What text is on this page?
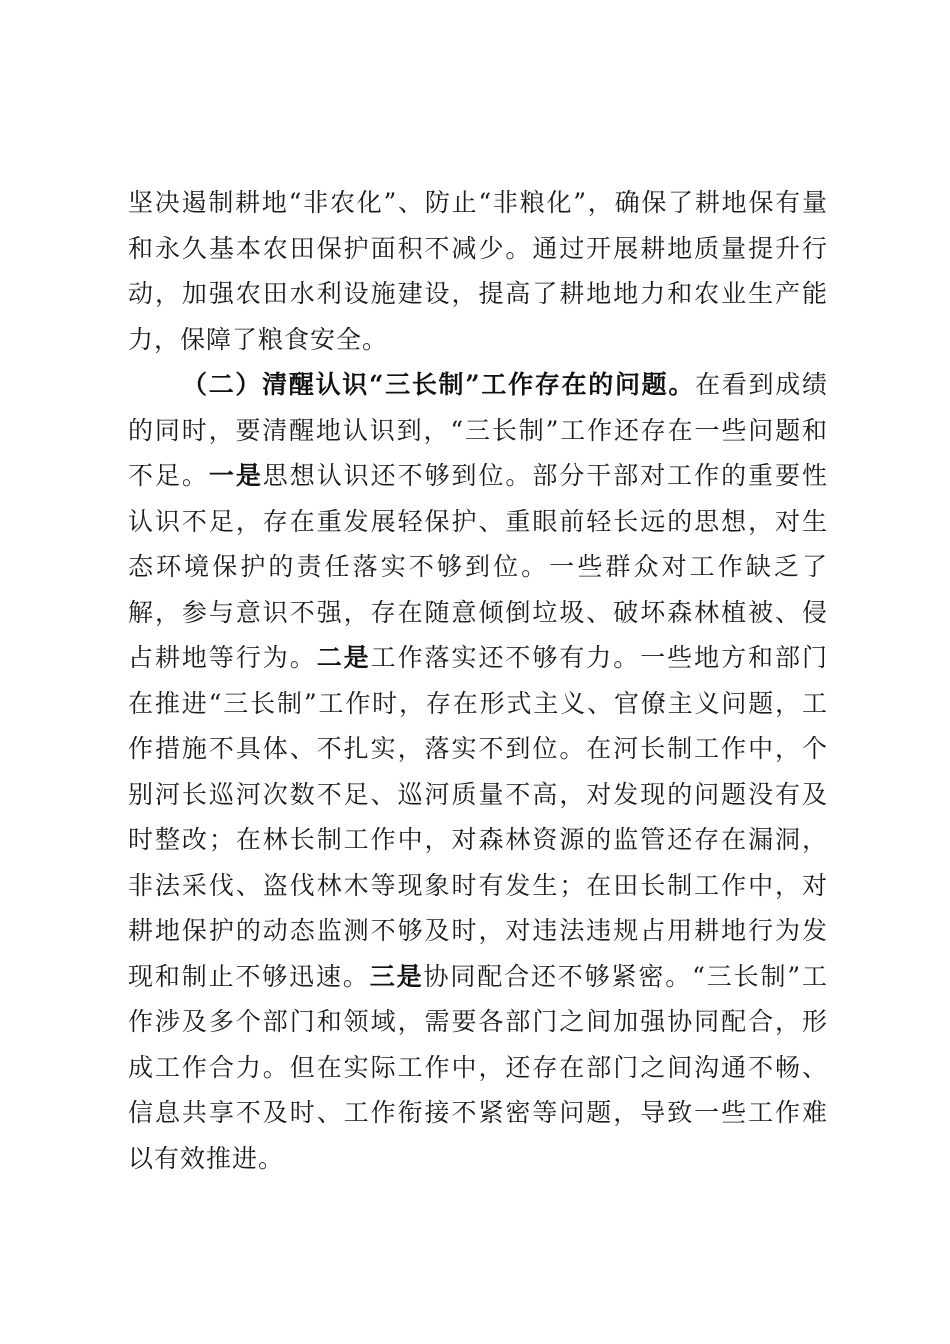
坚决遏制耕地“非农化”、防止“非粮化”，确保了耕地保有量和永久基本农田保护面积不减少。通过开展耕地质量提升行动，加强农田水利设施建设，提高了耕地地力和农业生产能力，保障了粮食安全。

（二）清醒认识“三长制”工作存在的问题。在看到成绩的同时，要清醒地认识到，“三长制”工作还存在一些问题和不足。一是思想认识还不够到位。部分干部对工作的重要性认识不足，存在重发展轻保护、重眼前轻长远的思想，对生态环境保护的责任落实不够到位。一些群众对工作缺乏了解，参与意识不强，存在随意倾倒垃圾、破坏森林植被、侵占耕地等行为。二是工作落实还不够有力。一些地方和部门在推进“三长制”工作时，存在形式主义、官僚主义问题，工作措施不具体、不扎实，落实不到位。在河长制工作中，个别河长巡河次数不足、巡河质量不高，对发现的问题没有及时整改；在林长制工作中，对森林资源的监管还存在漏洞，非法采伐、盗伐林木等现象时有发生；在田长制工作中，对耕地保护的动态监测不够及时，对违法违规占用耕地行为发现和制止不够迅速。三是协同配合还不够紧密。“三长制”工作涉及多个部门和领域，需要各部门之间加强协同配合，形成工作合力。但在实际工作中，还存在部门之间沟通不畅、信息共享不及时、工作衔接不紧密等问题，导致一些工作难以有效推进。
